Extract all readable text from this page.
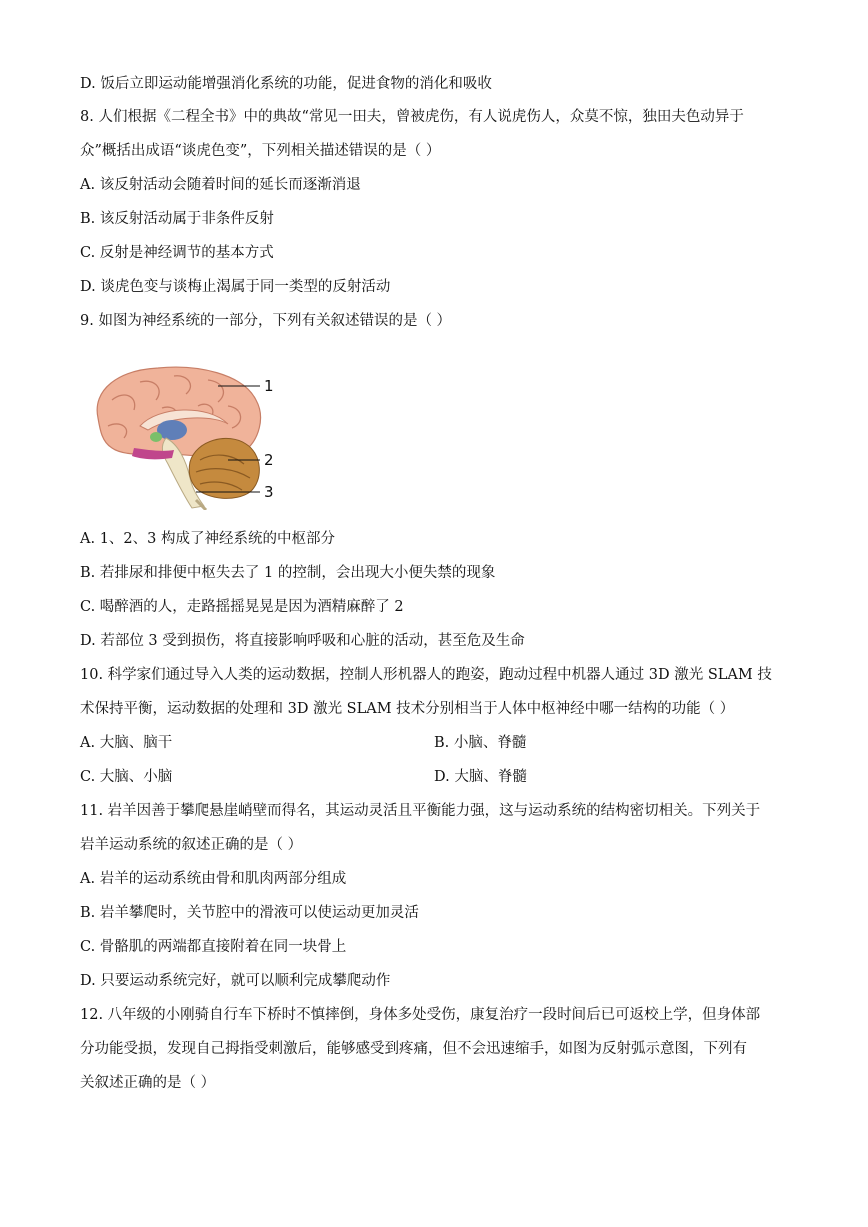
D. 饭后立即运动能增强消化系统的功能，促进食物的消化和吸收
8. 人们根据《二程全书》中的典故“常见一田夫，曾被虎伤，有人说虎伤人，众莫不惊，独田夫色动异于
众”概括出成语“谈虎色变”，下列相关描述错误的是（ ）
A. 该反射活动会随着时间的延长而逐渐消退
B. 该反射活动属于非条件反射
C. 反射是神经调节的基本方式
D. 谈虎色变与谈梅止渴属于同一类型的反射活动
9. 如图为神经系统的一部分，下列有关叙述错误的是（ ）
1
2
3
A. 1、2、3 构成了神经系统的中枢部分
B. 若排尿和排便中枢失去了 1 的控制，会出现大小便失禁的现象
C. 喝醉酒的人，走路摇摇晃晃是因为酒精麻醉了 2
D. 若部位 3 受到损伤，将直接影响呼吸和心脏的活动，甚至危及生命
10. 科学家们通过导入人类的运动数据，控制人形机器人的跑姿，跑动过程中机器人通过 3D 激光 SLAM 技
术保持平衡，运动数据的处理和 3D 激光 SLAM 技术分别相当于人体中枢神经中哪一结构的功能（ ）
A. 大脑、脑干	B. 小脑、脊髓
C. 大脑、小脑	D. 大脑、脊髓
11. 岩羊因善于攀爬悬崖峭壁而得名，其运动灵活且平衡能力强，这与运动系统的结构密切相关。下列关于
岩羊运动系统的叙述正确的是（ ）
A. 岩羊的运动系统由骨和肌肉两部分组成
B. 岩羊攀爬时，关节腔中的滑液可以使运动更加灵活
C. 骨骼肌的两端都直接附着在同一块骨上
D. 只要运动系统完好，就可以顺利完成攀爬动作
12. 八年级的小刚骑自行车下桥时不慎摔倒，身体多处受伤，康复治疗一段时间后已可返校上学，但身体部
分功能受损，发现自己拇指受刺激后，能够感受到疼痛，但不会迅速缩手，如图为反射弧示意图，下列有
关叙述正确的是（ ）
